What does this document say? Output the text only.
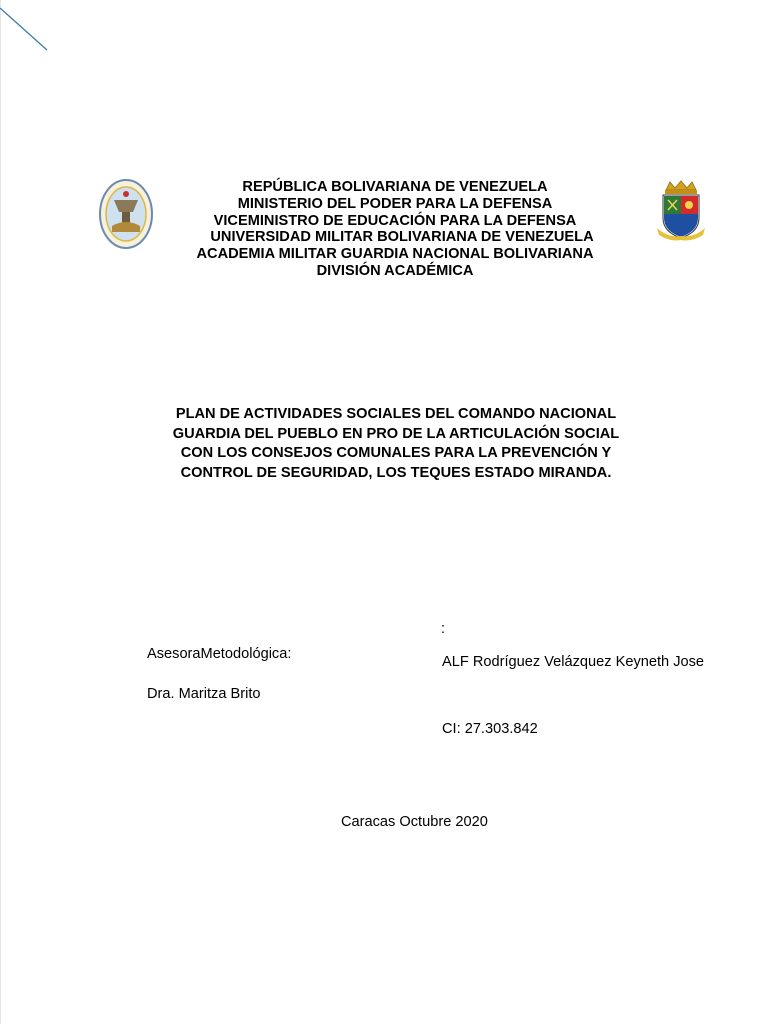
REPÚBLICA BOLIVARIANA DE VENEZUELA
MINISTERIO DEL PODER PARA LA DEFENSA
VICEMINISTRO DE EDUCACIÓN PARA LA DEFENSA
UNIVERSIDAD MILITAR BOLIVARIANA DE VENEZUELA
ACADEMIA MILITAR GUARDIA NACIONAL BOLIVARIANA
DIVISIÓN ACADÉMICA
PLAN DE ACTIVIDADES SOCIALES DEL COMANDO NACIONAL
GUARDIA DEL PUEBLO EN PRO DE LA ARTICULACIÓN SOCIAL
CON LOS CONSEJOS COMUNALES PARA LA PREVENCIÓN Y
CONTROL DE SEGURIDAD, LOS TEQUES ESTADO MIRANDA.
:
AsesoraMetodológica:	ALF Rodríguez Velázquez Keyneth Jose
Dra. Maritza Brito
CI: 27.303.842
Caracas Octubre 2020
